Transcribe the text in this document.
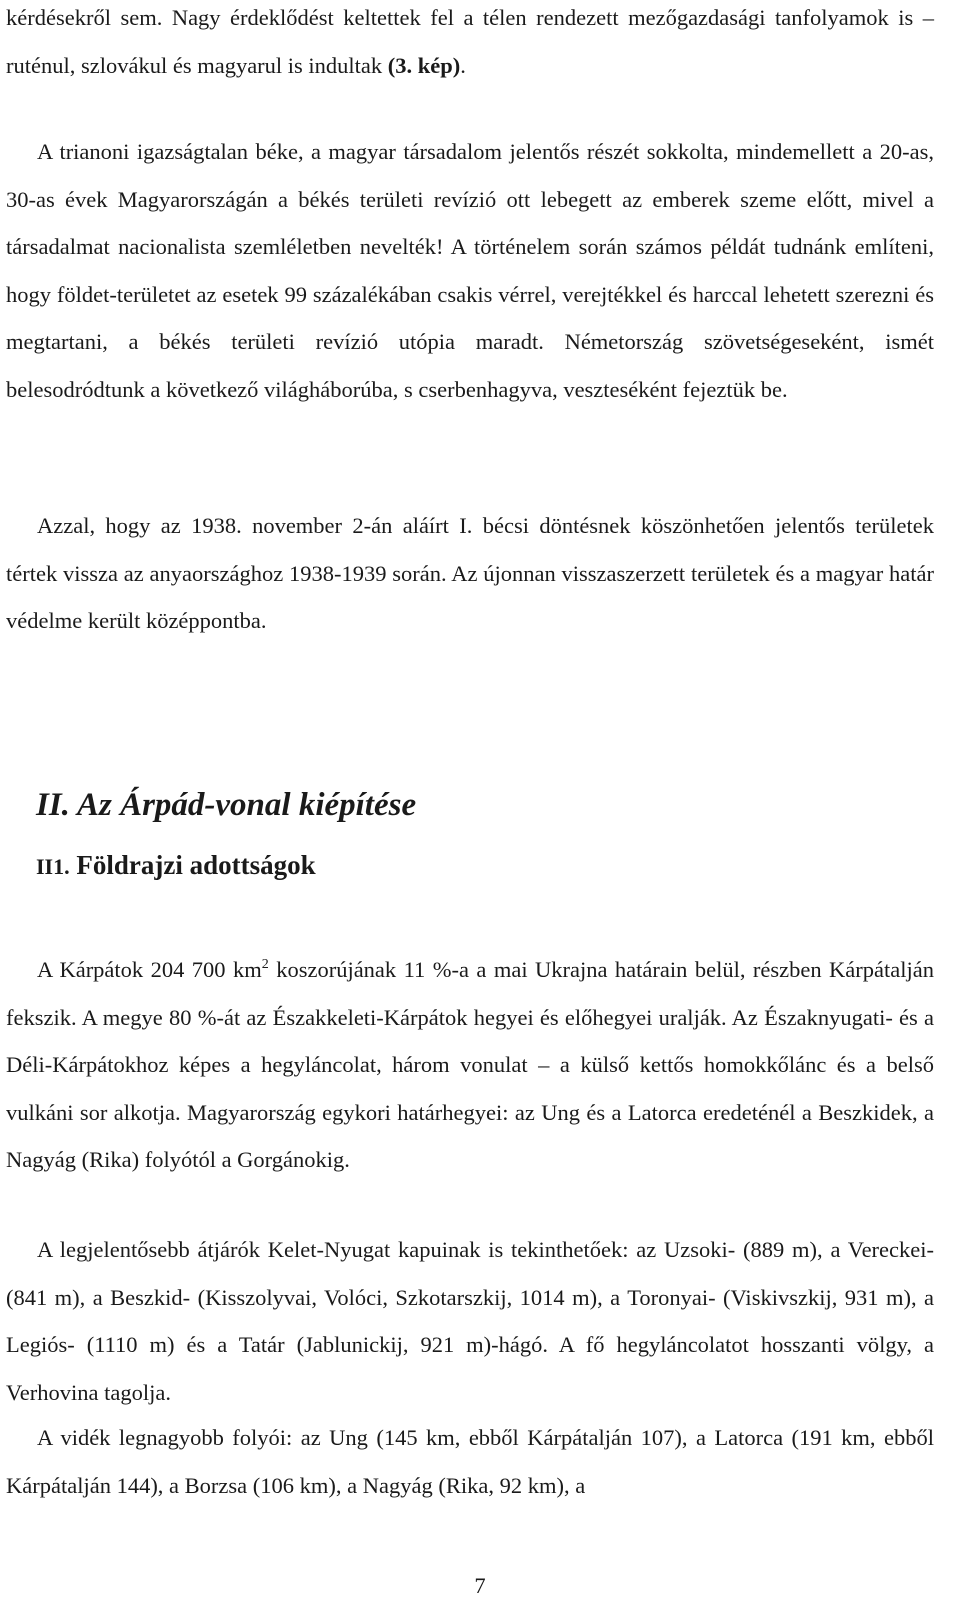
kérdésekről sem. Nagy érdeklődést keltettek fel a télen rendezett mezőgazdasági tanfolyamok is – ruténul, szlovákul és magyarul is indultak (3. kép).

A trianoni igazságtalan béke, a magyar társadalom jelentős részét sokkolta, mindemellett a 20-as, 30-as évek Magyarországán a békés területi revízió ott lebegett az emberek szeme előtt, mivel a társadalmat nacionalista szemléletben nevelték! A történelem során számos példát tudnánk említeni, hogy földet-területet az esetek 99 százalékában csakis vérrel, verejtékkel és harccal lehetett szerezni és megtartani, a békés területi revízió utópia maradt. Németország szövetségeseként, ismét belesodródtunk a következő világháborúba, s cserbenhagyva, veszteséként fejeztük be.

Azzal, hogy az 1938. november 2-án aláírt I. bécsi döntésnek köszönhetően jelentős területek tértek vissza az anyaországhoz 1938-1939 során. Az újonnan visszaszerzett területek és a magyar határ védelme került középpontba.

II. Az Árpád-vonal kiépítése
II1. Földrajzi adottságok

A Kárpátok 204 700 $km^2$ koszorújának 11 %-a a mai Ukrajna határain belül, részben Kárpátalján fekszik. A megye 80 %-át az Északkeleti-Kárpátok hegyei és előhegyei uralják. Az Északnyugati- és a Déli-Kárpátokhoz képes a hegyláncolat, három vonulat – a külső kettős homokkőlánc és a belső vulkáni sor alkotja. Magyarország egykori határhegyei: az Ung és a Latorca eredeténél a Beszkidek, a Nagyág (Rika) folyótól a Gorgánokig.

A legjelentősebb átjárók Kelet-Nyugat kapuinak is tekinthetőek: az Uzsoki- (889 m), a Vereckei- (841 m), a Beszkid- (Kisszolyvai, Volóci, Szkotarszkij, 1014 m), a Toronyai- (Viskivszkij, 931 m), a Legiós- (1110 m) és a Tatár (Jablunickij, 921 m)-hágó. A fő hegyláncolatot hosszanti völgy, a Verhovina tagolja.

A vidék legnagyobb folyói: az Ung (145 km, ebből Kárpátalján 107), a Latorca (191 km, ebből Kárpátalján 144), a Borzsa (106 km), a Nagyág (Rika, 92 km), a

7
